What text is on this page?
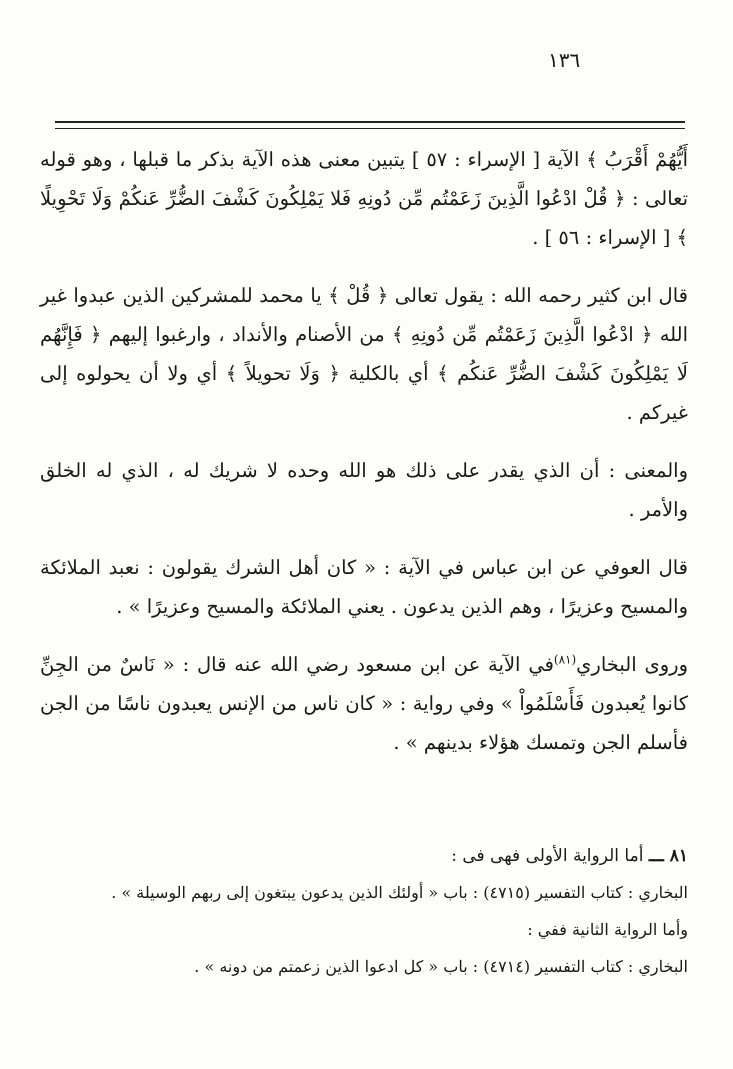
١٣٦

أَيُّهُمْ أَقْرَبُ ﴾ الآية [ الإسراء : ٥٧ ] يتبين معنى هذه الآية بذكر ما قبلها ، وهو قوله تعالى : ﴿ قُلْ ادْعُوا الَّذِينَ زَعَمْتُم مِّن دُونِهِ فَلا يَمْلِكُونَ كَشْفَ الضُّرِّ عَنكُمْ وَلَا تَحْوِيلًا ﴾ [ الإسراء : ٥٦ ] .

قال ابن كثير رحمه الله : يقول تعالى ﴿ قُلْ ﴾ يا محمد للمشركين الذين عبدوا غير الله ﴿ ادْعُوا الَّذِينَ زَعَمْتُم مِّن دُونِهِ ﴾ من الأصنام والأنداد ، وارغبوا إليهم ﴿ فَإِنَّهُم لَا يَمْلِكُونَ كَشْفَ الضُّرِّ عَنكُم ﴾ أي بالكلية ﴿ وَلَا تحويلاً ﴾ أي ولا أن يحولوه إلى غيركم .

والمعنى : أن الذي يقدر على ذلك هو الله وحده لا شريك له ، الذي له الخلق والأمر .

قال العوفي عن ابن عباس في الآية : « كان أهل الشرك يقولون : نعبد الملائكة والمسيح وعزيرًا ، وهم الذين يدعون . يعني الملائكة والمسيح وعزيرًا » .

وروى البخاري$^{(٨١)}$في الآية عن ابن مسعود رضي الله عنه قال : « نَاسٌ من الجِنِّ كانوا يُعبدون فَأَسْلَمُواْ » وفي رواية : « كان ناس من الإنس يعبدون ناسًا من الجن فأسلم الجن وتمسك هؤلاء بدينهم » .

٨١ ـــ أما الرواية الأولى فهى فى :

البخاري : كتاب التفسير (٤٧١٥) : باب « أولئك الذين يدعون يبتغون إلى ربهم الوسيلة » .

وأما الرواية الثانية ففي :

البخاري : كتاب التفسير (٤٧١٤) : باب « كل ادعوا الذين زعمتم من دونه » .
